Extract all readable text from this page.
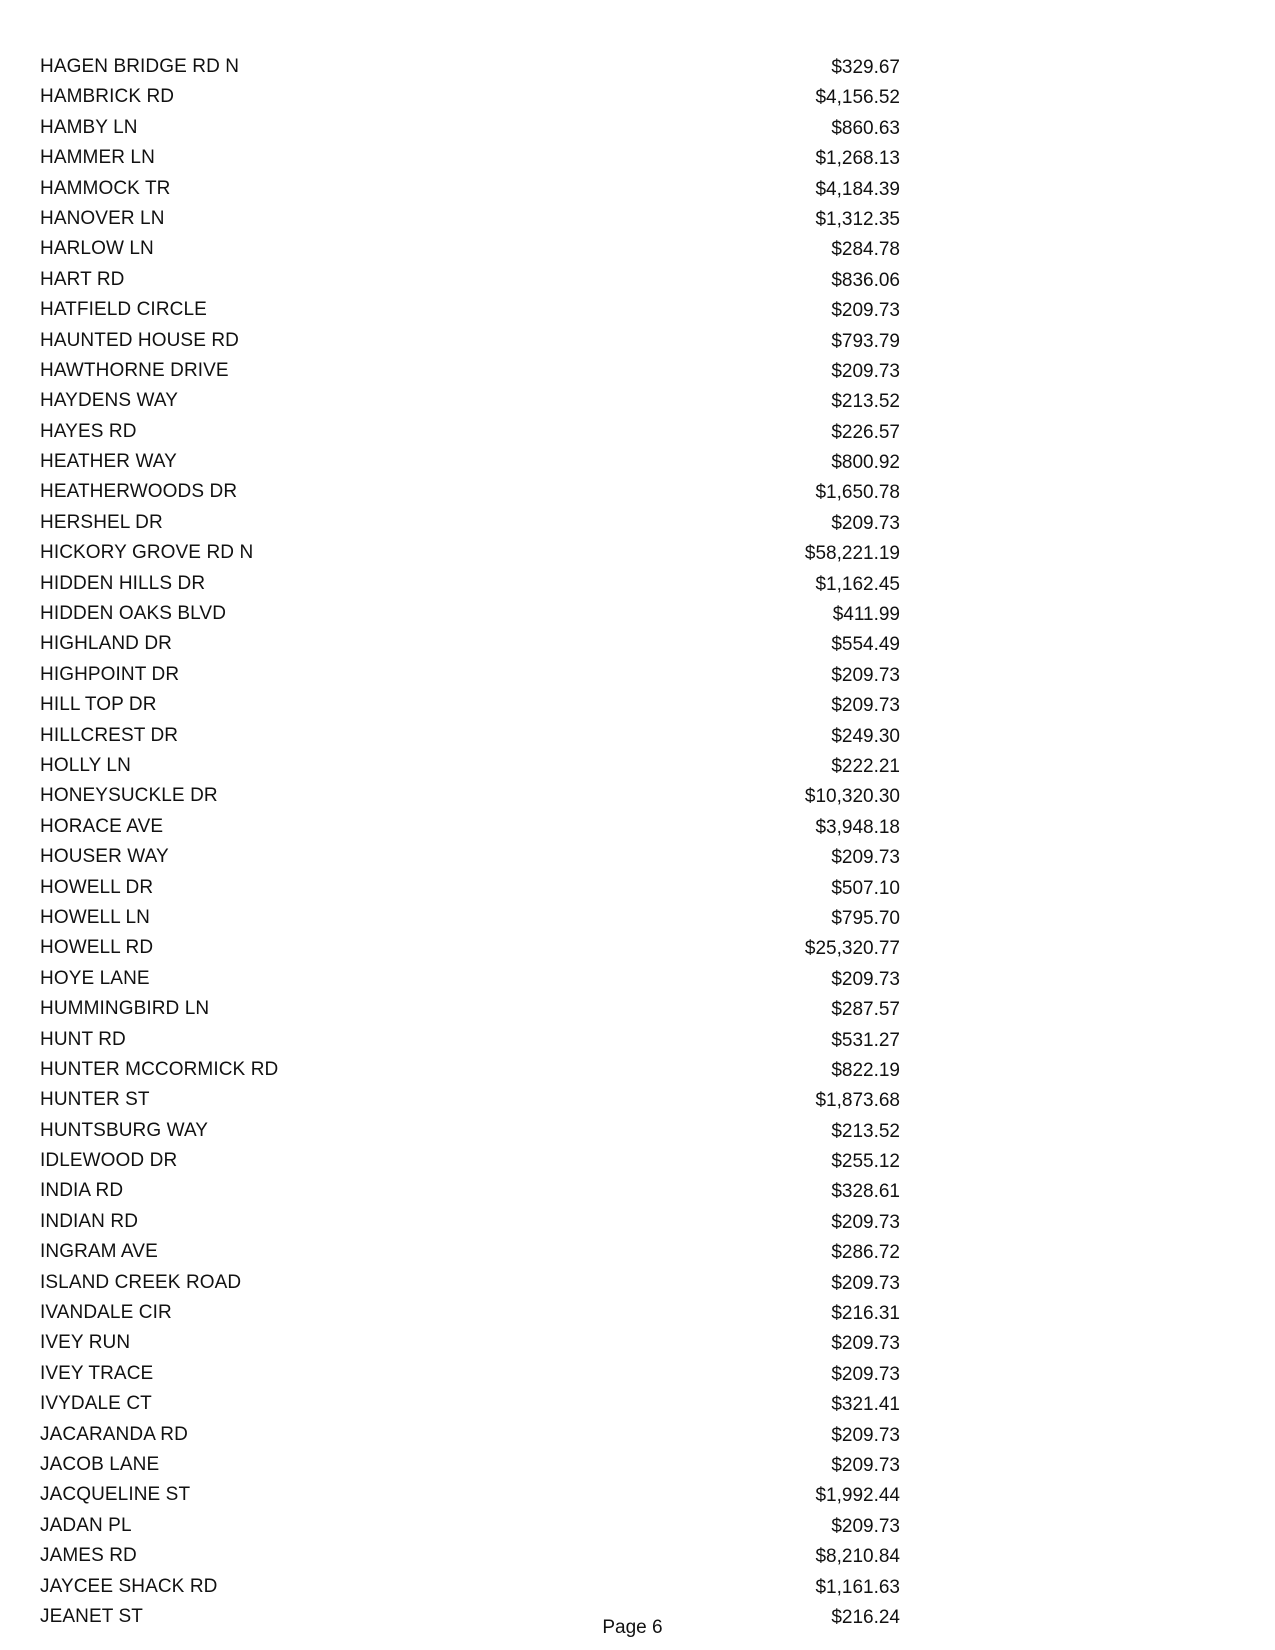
HAGEN BRIDGE RD N	$329.67
HAMBRICK RD	$4,156.52
HAMBY LN	$860.63
HAMMER LN	$1,268.13
HAMMOCK TR	$4,184.39
HANOVER LN	$1,312.35
HARLOW LN	$284.78
HART RD	$836.06
HATFIELD CIRCLE	$209.73
HAUNTED HOUSE RD	$793.79
HAWTHORNE DRIVE	$209.73
HAYDENS WAY	$213.52
HAYES RD	$226.57
HEATHER WAY	$800.92
HEATHERWOODS DR	$1,650.78
HERSHEL DR	$209.73
HICKORY GROVE RD N	$58,221.19
HIDDEN HILLS DR	$1,162.45
HIDDEN OAKS BLVD	$411.99
HIGHLAND DR	$554.49
HIGHPOINT DR	$209.73
HILL TOP DR	$209.73
HILLCREST DR	$249.30
HOLLY LN	$222.21
HONEYSUCKLE DR	$10,320.30
HORACE AVE	$3,948.18
HOUSER WAY	$209.73
HOWELL DR	$507.10
HOWELL LN	$795.70
HOWELL RD	$25,320.77
HOYE LANE	$209.73
HUMMINGBIRD LN	$287.57
HUNT RD	$531.27
HUNTER MCCORMICK RD	$822.19
HUNTER ST	$1,873.68
HUNTSBURG WAY	$213.52
IDLEWOOD DR	$255.12
INDIA RD	$328.61
INDIAN RD	$209.73
INGRAM AVE	$286.72
ISLAND CREEK ROAD	$209.73
IVANDALE CIR	$216.31
IVEY RUN	$209.73
IVEY TRACE	$209.73
IVYDALE CT	$321.41
JACARANDA RD	$209.73
JACOB LANE	$209.73
JACQUELINE ST	$1,992.44
JADAN PL	$209.73
JAMES RD	$8,210.84
JAYCEE SHACK RD	$1,161.63
JEANET ST	$216.24
Page 6
